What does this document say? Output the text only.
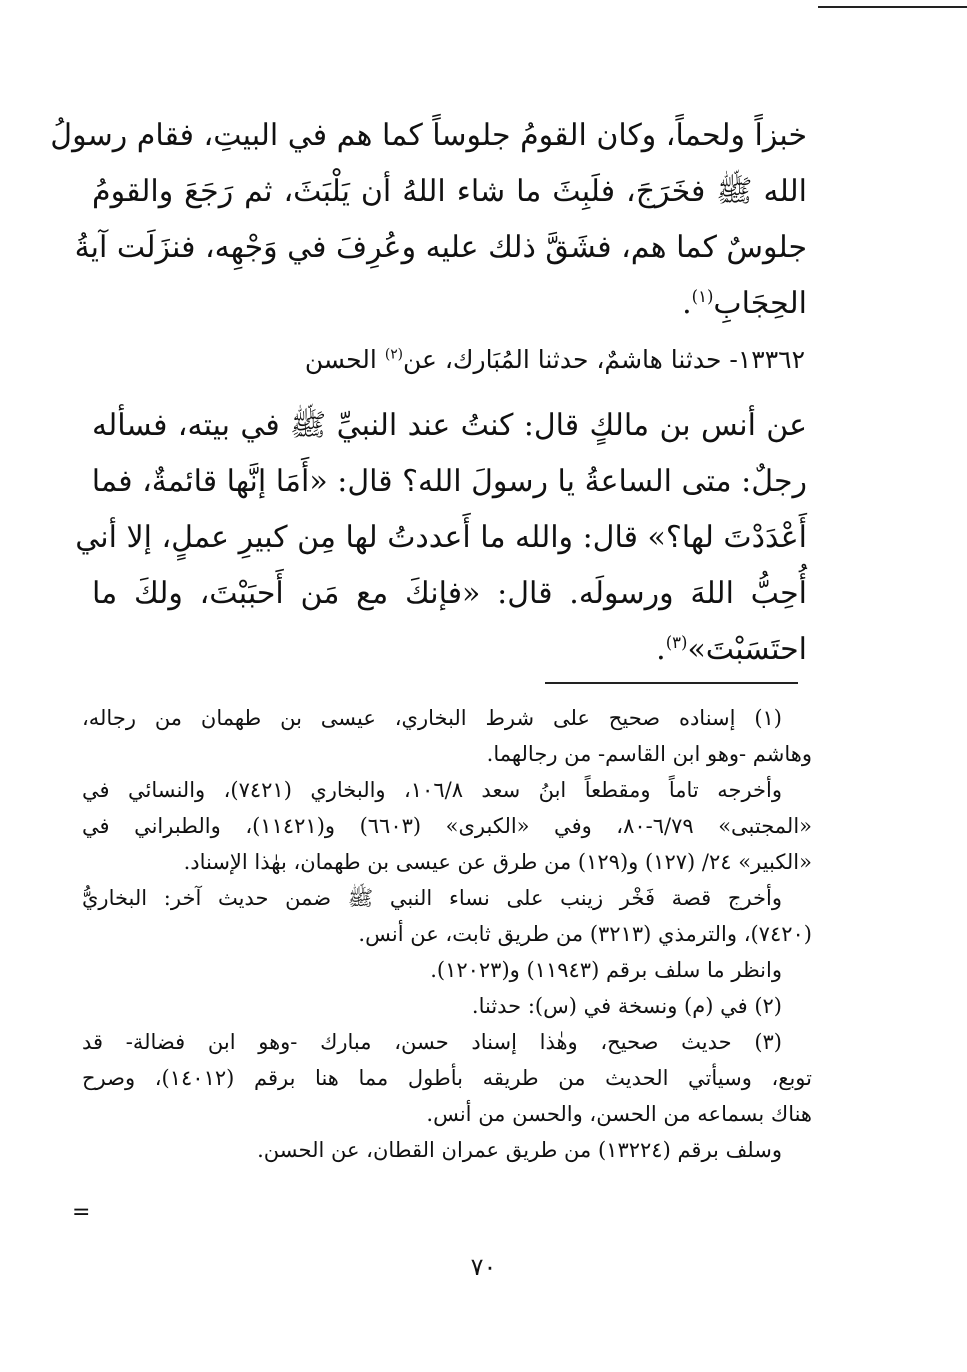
خبزاً ولحماً، وكان القومُ جلوساً كما هم في البيتِ، فقام رسولُ
الله ﷺ فخَرَجَ، فلَبِثَ ما شاء اللهُ أن يَلْبَثَ، ثم رَجَعَ والقومُ
جلوسٌ كما هم، فشَقَّ ذلك عليه وعُرِفَ في وَجْهِه، فنزَلَت آيةُ
الحِجَابِ$^{(١)}$.
١٣٣٦٢- حدثنا هاشمٌ، حدثنا المُبَارك، عن$^{(٢)}$ الحسن
عن أنس بن مالكٍ قال: كنتُ عند النبيِّ ﷺ في بيته، فسأله
رجلٌ: متى الساعةُ يا رسولَ الله؟ قال: «أَمَا إنَّها قائمةٌ، فما
أَعْدَدْتَ لها؟» قال: والله ما أَعددتُ لها مِن كبيرِ عملٍ، إلا أني
أُحِبُّ اللهَ ورسولَه. قال: «فإنكَ مع مَن أَحبَبْتَ، ولكَ ما
احتَسَبْتَ»$^{(٣)}$.
(١) إسناده صحيح على شرط البخاري، عيسى بن طهمان من رجاله،
وهاشم -وهو ابن القاسم- من رجالهما.
وأخرجه تاماً ومقطعاً ابنُ سعد ١٠٦/٨، والبخاري (٧٤٢١)، والنسائي في
«المجتبى» ٦/٧٩-٨٠، وفي «الكبرى» (٦٦٠٣) و(١١٤٢١)، والطبراني في
«الكبير» ٢٤/ (١٢٧) و(١٢٩) من طرق عن عيسى بن طهمان، بهٰذا الإسناد.
وأخرج قصة فَخْر زينب على نساء النبي ﷺ ضمن حديث آخر: البخاريُّ
(٧٤٢٠)، والترمذي (٣٢١٣) من طريق ثابت، عن أنس.
وانظر ما سلف برقم (١١٩٤٣) و(١٢٠٢٣).
(٢) في (م) ونسخة في (س): حدثنا.
(٣) حديث صحيح، وهٰذا إسناد حسن، مبارك -وهو ابن فضالة- قد
توبع، وسيأتي الحديث من طريقه بأطول مما هنا برقم (١٤٠١٢)، وصرح
هناك بسماعه من الحسن، والحسن من أنس.
وسلف برقم (١٣٢٢٤) من طريق عمران القطان، عن الحسن.
=
٧٠
